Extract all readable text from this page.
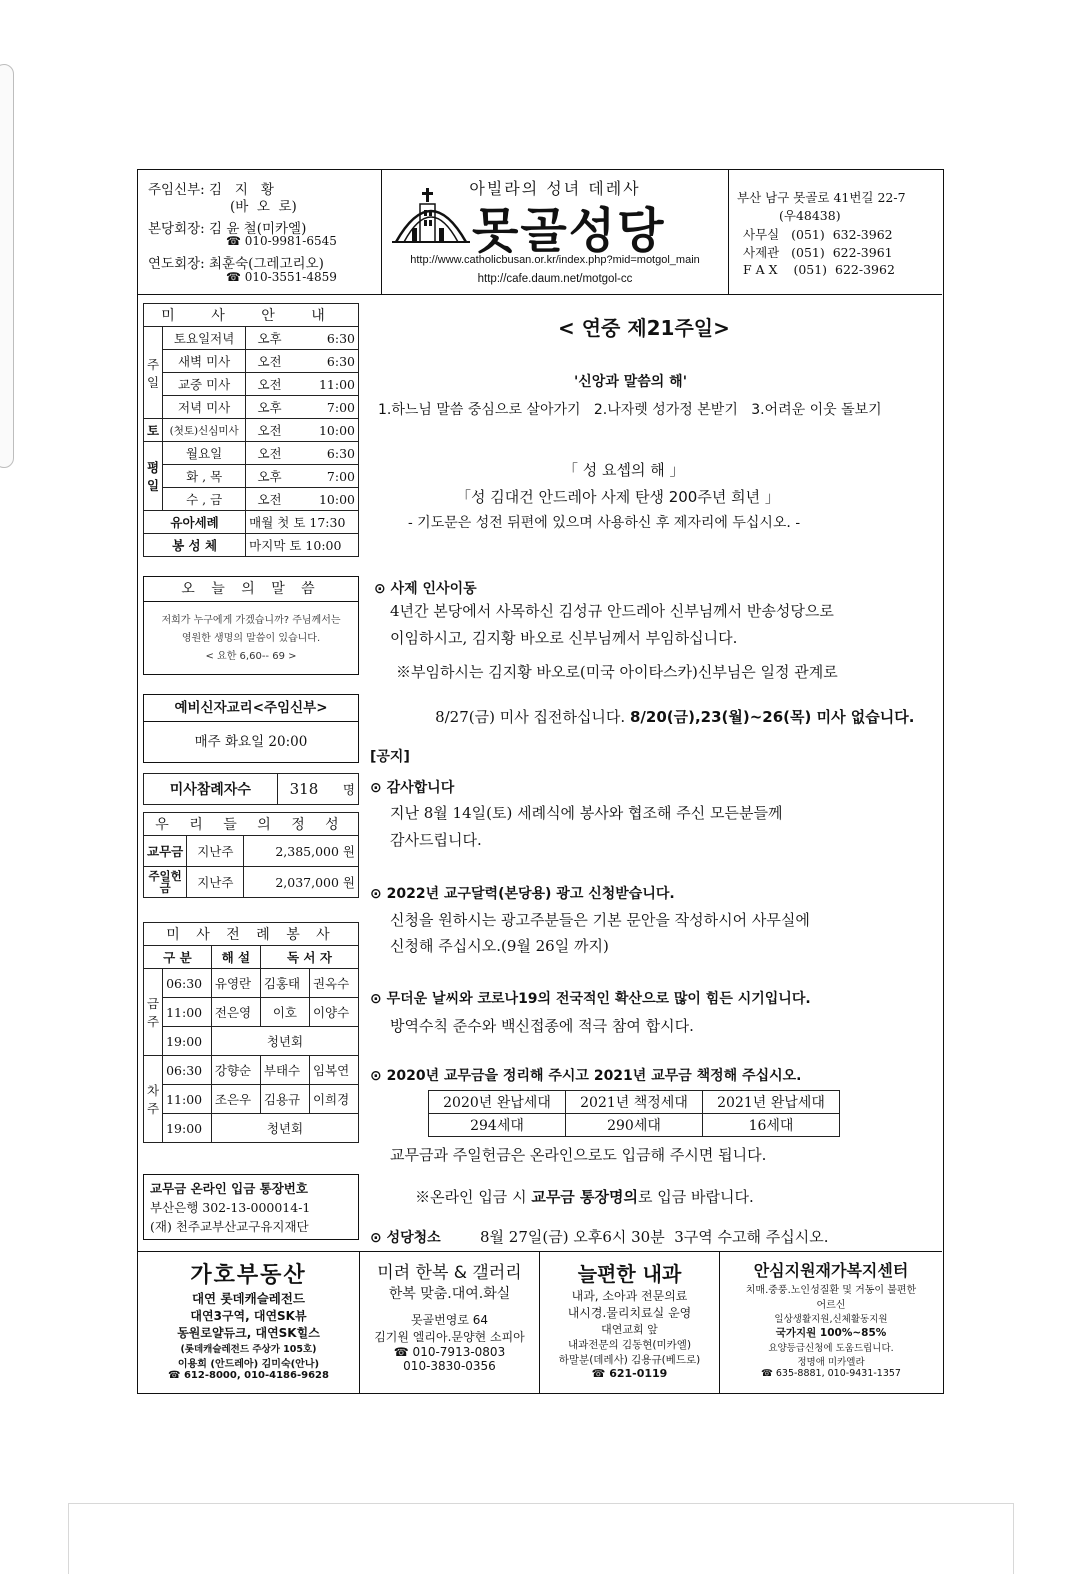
주임신부: 김   지   황
(바  오  로)
본당회장: 김 윤 철(미카엘)
☎ 010-9981-6545
연도회장: 최훈숙(그레고리오)
☎ 010-3551-4859
아빌라의 성녀 데레사
못골성당
http://www.catholicbusan.or.kr/index.php?mid=motgol_main
http://cafe.daum.net/motgol-cc
부산 남구 못골로 41번길 22-7
(우48438)
사무실   (051)  632-3962
사제관   (051)  622-3961
F A X    (051)  622-3962
미 사 안 내			
주일	토요일저녁	오후	6:30
	새벽 미사	오전	6:30
	교중 미사	오전	11:00
	저녁 미사	오후	7:00
토	(첫토)신심미사	오전	10:00
평일	월요일	오전	6:30
	화 , 목	오후	7:00
	수 , 금	오전	10:00
유아세례		매월 첫 토 17:30	
봉 성 체		마지막 토 10:00	
오 늘 의 말 씀
저희가 누구에게 가겠습니까? 주님께서는
영원한 생명의 말씀이 있습니다.
< 요한 6,60-- 69 >
예비신자교리<주임신부>
매주 화요일 20:00
미사참례자수	318	명
우 리 들 의 정 성		
교무금	지난주	2,385,000 원
주일헌금	지난주	2,037,000 원
미 사 전 례 봉 사				
구 분		해 설	독 서 자	
금주	06:30	유영란	김홍태	권옥수
	11:00	전은영	이호	이양수
	19:00	청년회		
차주	06:30	강향순	부태수	임복연
	11:00	조은우	김용규	이희경
	19:00	청년회		
교무금 온라인 입금 통장번호
부산은행 302-13-000014-1
(재) 천주교부산교구유지재단
< 연중 제21주일>
'신앙과 말씀의 해'
1.하느님 말씀 중심으로 살아가기   2.나자렛 성가정 본받기   3.어려운 이웃 돌보기
「 성 요셉의 해 」
「성 김대건 안드레아 사제 탄생 200주년 희년 」
- 기도문은 성전 뒤편에 있으며 사용하신 후 제자리에 두십시오. -
⊙ 사제 인사이동
4년간 본당에서 사목하신 김성규 안드레아 신부님께서 반송성당으로
이임하시고, 김지황 바오로 신부님께서 부임하십니다.
※부임하시는 김지황 바오로(미국 아이타스카)신부님은 일정 관계로

8/27(금) 미사 집전하십니다. 8/20(금),23(월)~26(목) 미사 없습니다.

[공지]
⊙ 감사합니다
지난 8월 14일(토) 세례식에 봉사와 협조해 주신 모든분들께
감사드립니다.
⊙ 2022년 교구달력(본당용) 광고 신청받습니다.
신청을 원하시는 광고주분들은 기본 문안을 작성하시어 사무실에
신청해 주십시오.(9월 26일 까지)
⊙ 무더운 날씨와 코로나19의 전국적인 확산으로 많이 힘든 시기입니다.
방역수칙 준수와 백신접종에 적극 참여 합시다.
⊙ 2020년 교무금을 정리해 주시고 2021년 교무금 책정해 주십시오.
2020년 완납세대	2021년 책정세대	2021년 완납세대
294세대	290세대	16세대
교무금과 주일헌금은 온라인으로도 입금해 주시면 됩니다.

※온라인 입금 시 교무금 통장명의로 입금 바랍니다.

⊙ 성당청소	8월 27일(금) 오후6시 30분  3구역 수고해 주십시오.
가호부동산
대연 롯데캐슬레전드
대연3구역, 대연SK뷰
동원로얄듀크, 대연SK힐스
(롯데캐슬레전드 주상가 105호)
이용희 (안드레아) 김미숙(안나)
☎ 612-8000, 010-4186-9628
미려 한복 & 갤러리
한복 맞춤.대여.화실
못골번영로 64
김기원 엘리아.문양현 소피아
☎ 010-7913-0803
010-3830-0356
늘편한 내과
내과, 소아과 전문의료
내시경.물리치료실 운영
대연교회 앞
내과전문의 김동현(미카엘)
하말분(데레사) 김용규(베드로)
☎ 621-0119
안심지원재가복지센터
치매.중풍.노인성질환 및 거동이 불편한
어르신
일상생활지원,신체활동지원
국가지원 100%~85%
요양등급신청에 도움드립니다.
정명애 미카엘라
☎ 635-8881, 010-9431-1357
